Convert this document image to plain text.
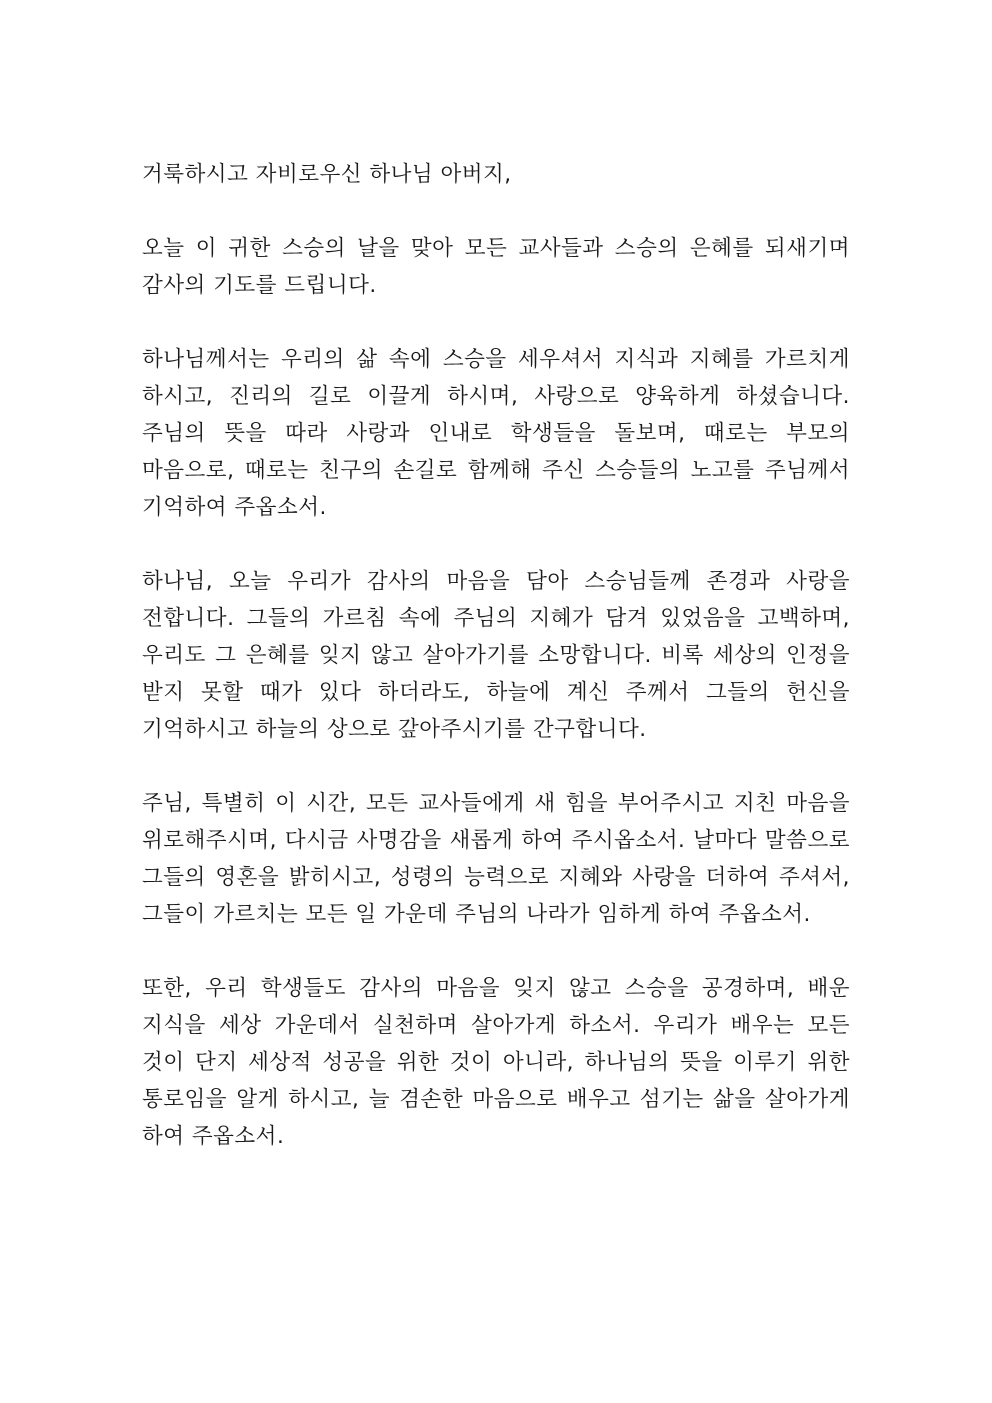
거룩하시고 자비로우신 하나님 아버지,

오늘 이 귀한 스승의 날을 맞아 모든 교사들과 스승의 은혜를 되새기며 감사의 기도를 드립니다.

하나님께서는 우리의 삶 속에 스승을 세우셔서 지식과 지혜를 가르치게 하시고, 진리의 길로 이끌게 하시며, 사랑으로 양육하게 하셨습니다. 주님의 뜻을 따라 사랑과 인내로 학생들을 돌보며, 때로는 부모의 마음으로, 때로는 친구의 손길로 함께해 주신 스승들의 노고를 주님께서 기억하여 주옵소서.

하나님, 오늘 우리가 감사의 마음을 담아 스승님들께 존경과 사랑을 전합니다. 그들의 가르침 속에 주님의 지혜가 담겨 있었음을 고백하며, 우리도 그 은혜를 잊지 않고 살아가기를 소망합니다. 비록 세상의 인정을 받지 못할 때가 있다 하더라도, 하늘에 계신 주께서 그들의 헌신을 기억하시고 하늘의 상으로 갚아주시기를 간구합니다.

주님, 특별히 이 시간, 모든 교사들에게 새 힘을 부어주시고 지친 마음을 위로해주시며, 다시금 사명감을 새롭게 하여 주시옵소서. 날마다 말씀으로 그들의 영혼을 밝히시고, 성령의 능력으로 지혜와 사랑을 더하여 주셔서, 그들이 가르치는 모든 일 가운데 주님의 나라가 임하게 하여 주옵소서.

또한, 우리 학생들도 감사의 마음을 잊지 않고 스승을 공경하며, 배운 지식을 세상 가운데서 실천하며 살아가게 하소서. 우리가 배우는 모든 것이 단지 세상적 성공을 위한 것이 아니라, 하나님의 뜻을 이루기 위한 통로임을 알게 하시고, 늘 겸손한 마음으로 배우고 섬기는 삶을 살아가게 하여 주옵소서.
